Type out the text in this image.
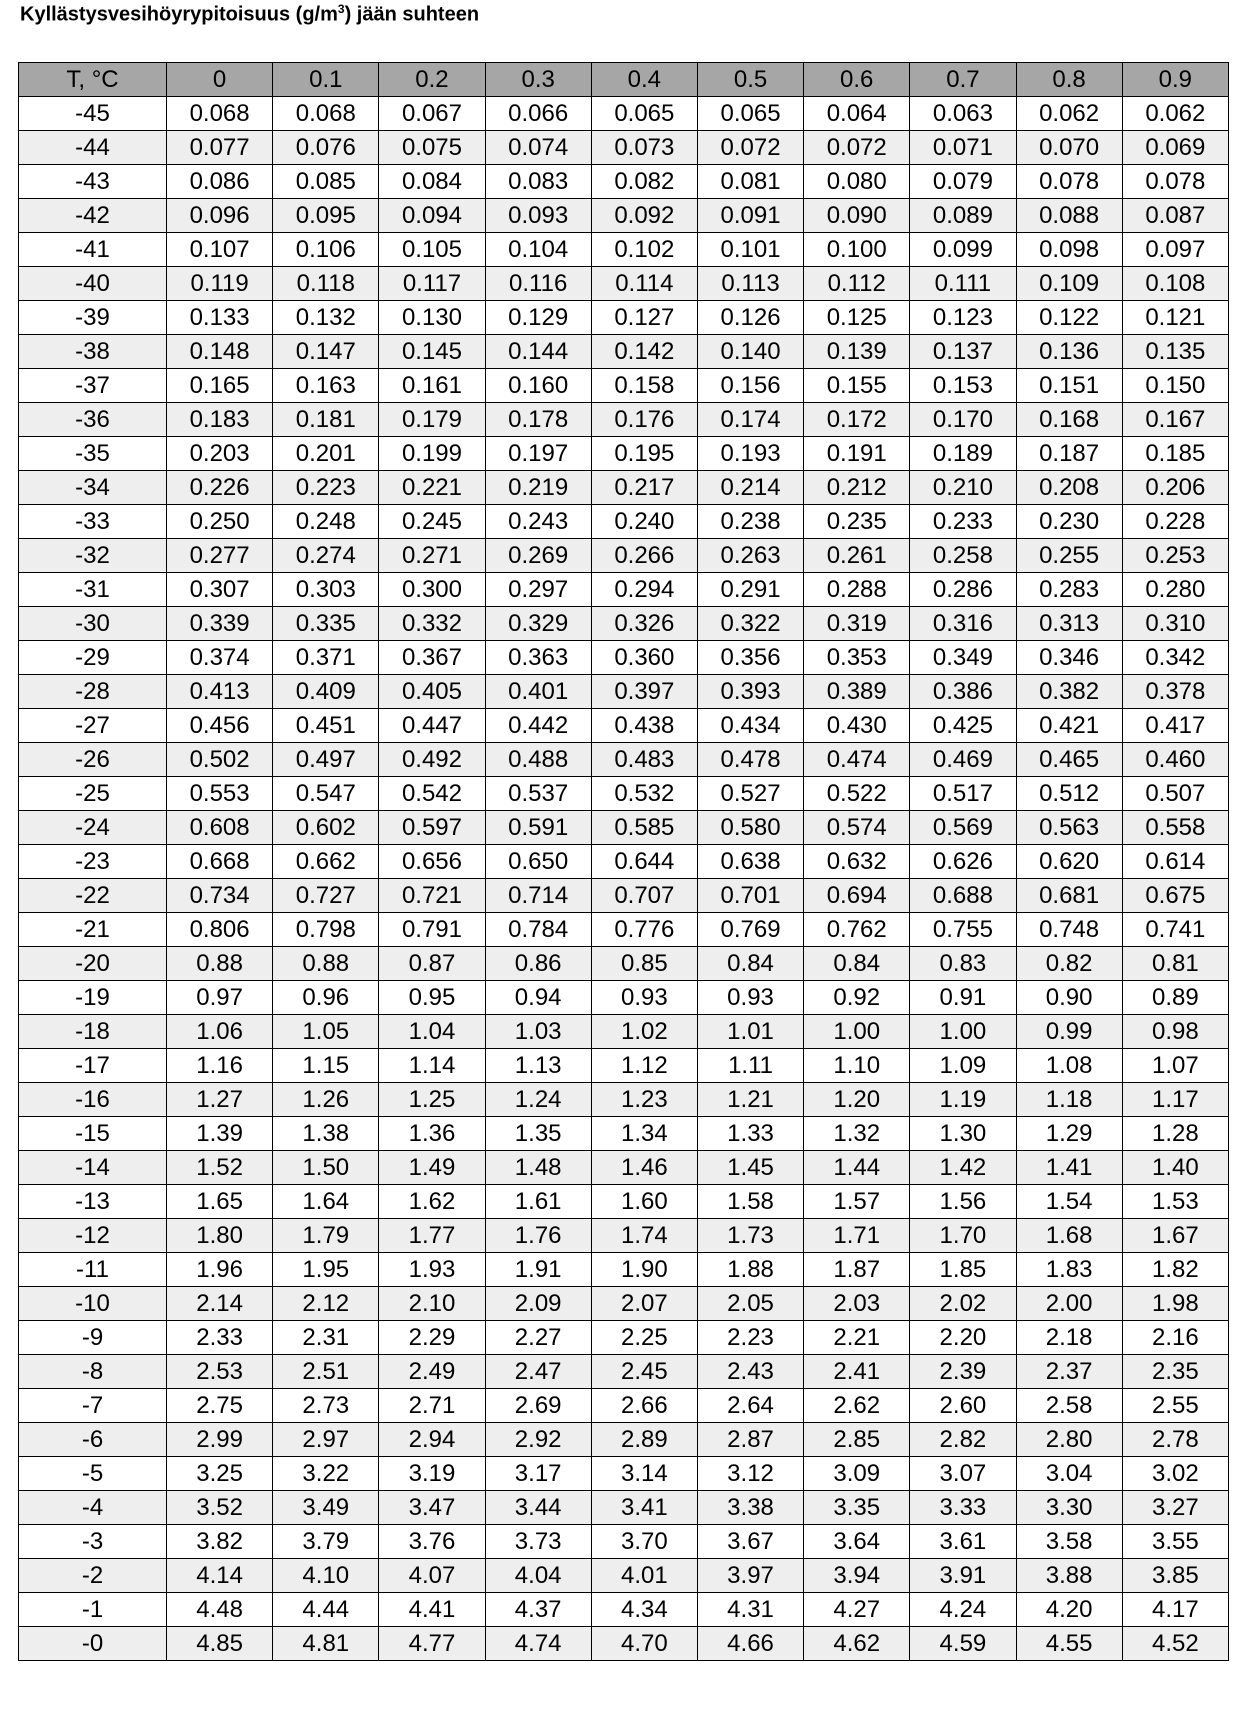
Kyllästysvesihöyrypitoisuus $(g/m^3)$ jään suhteen
T, °C	0	0.1	0.2	0.3	0.4	0.5	0.6	0.7	0.8	0.9
-45	0.068	0.068	0.067	0.066	0.065	0.065	0.064	0.063	0.062	0.062
-44	0.077	0.076	0.075	0.074	0.073	0.072	0.072	0.071	0.070	0.069
-43	0.086	0.085	0.084	0.083	0.082	0.081	0.080	0.079	0.078	0.078
-42	0.096	0.095	0.094	0.093	0.092	0.091	0.090	0.089	0.088	0.087
-41	0.107	0.106	0.105	0.104	0.102	0.101	0.100	0.099	0.098	0.097
-40	0.119	0.118	0.117	0.116	0.114	0.113	0.112	0.111	0.109	0.108
-39	0.133	0.132	0.130	0.129	0.127	0.126	0.125	0.123	0.122	0.121
-38	0.148	0.147	0.145	0.144	0.142	0.140	0.139	0.137	0.136	0.135
-37	0.165	0.163	0.161	0.160	0.158	0.156	0.155	0.153	0.151	0.150
-36	0.183	0.181	0.179	0.178	0.176	0.174	0.172	0.170	0.168	0.167
-35	0.203	0.201	0.199	0.197	0.195	0.193	0.191	0.189	0.187	0.185
-34	0.226	0.223	0.221	0.219	0.217	0.214	0.212	0.210	0.208	0.206
-33	0.250	0.248	0.245	0.243	0.240	0.238	0.235	0.233	0.230	0.228
-32	0.277	0.274	0.271	0.269	0.266	0.263	0.261	0.258	0.255	0.253
-31	0.307	0.303	0.300	0.297	0.294	0.291	0.288	0.286	0.283	0.280
-30	0.339	0.335	0.332	0.329	0.326	0.322	0.319	0.316	0.313	0.310
-29	0.374	0.371	0.367	0.363	0.360	0.356	0.353	0.349	0.346	0.342
-28	0.413	0.409	0.405	0.401	0.397	0.393	0.389	0.386	0.382	0.378
-27	0.456	0.451	0.447	0.442	0.438	0.434	0.430	0.425	0.421	0.417
-26	0.502	0.497	0.492	0.488	0.483	0.478	0.474	0.469	0.465	0.460
-25	0.553	0.547	0.542	0.537	0.532	0.527	0.522	0.517	0.512	0.507
-24	0.608	0.602	0.597	0.591	0.585	0.580	0.574	0.569	0.563	0.558
-23	0.668	0.662	0.656	0.650	0.644	0.638	0.632	0.626	0.620	0.614
-22	0.734	0.727	0.721	0.714	0.707	0.701	0.694	0.688	0.681	0.675
-21	0.806	0.798	0.791	0.784	0.776	0.769	0.762	0.755	0.748	0.741
-20	0.88	0.88	0.87	0.86	0.85	0.84	0.84	0.83	0.82	0.81
-19	0.97	0.96	0.95	0.94	0.93	0.93	0.92	0.91	0.90	0.89
-18	1.06	1.05	1.04	1.03	1.02	1.01	1.00	1.00	0.99	0.98
-17	1.16	1.15	1.14	1.13	1.12	1.11	1.10	1.09	1.08	1.07
-16	1.27	1.26	1.25	1.24	1.23	1.21	1.20	1.19	1.18	1.17
-15	1.39	1.38	1.36	1.35	1.34	1.33	1.32	1.30	1.29	1.28
-14	1.52	1.50	1.49	1.48	1.46	1.45	1.44	1.42	1.41	1.40
-13	1.65	1.64	1.62	1.61	1.60	1.58	1.57	1.56	1.54	1.53
-12	1.80	1.79	1.77	1.76	1.74	1.73	1.71	1.70	1.68	1.67
-11	1.96	1.95	1.93	1.91	1.90	1.88	1.87	1.85	1.83	1.82
-10	2.14	2.12	2.10	2.09	2.07	2.05	2.03	2.02	2.00	1.98
-9	2.33	2.31	2.29	2.27	2.25	2.23	2.21	2.20	2.18	2.16
-8	2.53	2.51	2.49	2.47	2.45	2.43	2.41	2.39	2.37	2.35
-7	2.75	2.73	2.71	2.69	2.66	2.64	2.62	2.60	2.58	2.55
-6	2.99	2.97	2.94	2.92	2.89	2.87	2.85	2.82	2.80	2.78
-5	3.25	3.22	3.19	3.17	3.14	3.12	3.09	3.07	3.04	3.02
-4	3.52	3.49	3.47	3.44	3.41	3.38	3.35	3.33	3.30	3.27
-3	3.82	3.79	3.76	3.73	3.70	3.67	3.64	3.61	3.58	3.55
-2	4.14	4.10	4.07	4.04	4.01	3.97	3.94	3.91	3.88	3.85
-1	4.48	4.44	4.41	4.37	4.34	4.31	4.27	4.24	4.20	4.17
-0	4.85	4.81	4.77	4.74	4.70	4.66	4.62	4.59	4.55	4.52
